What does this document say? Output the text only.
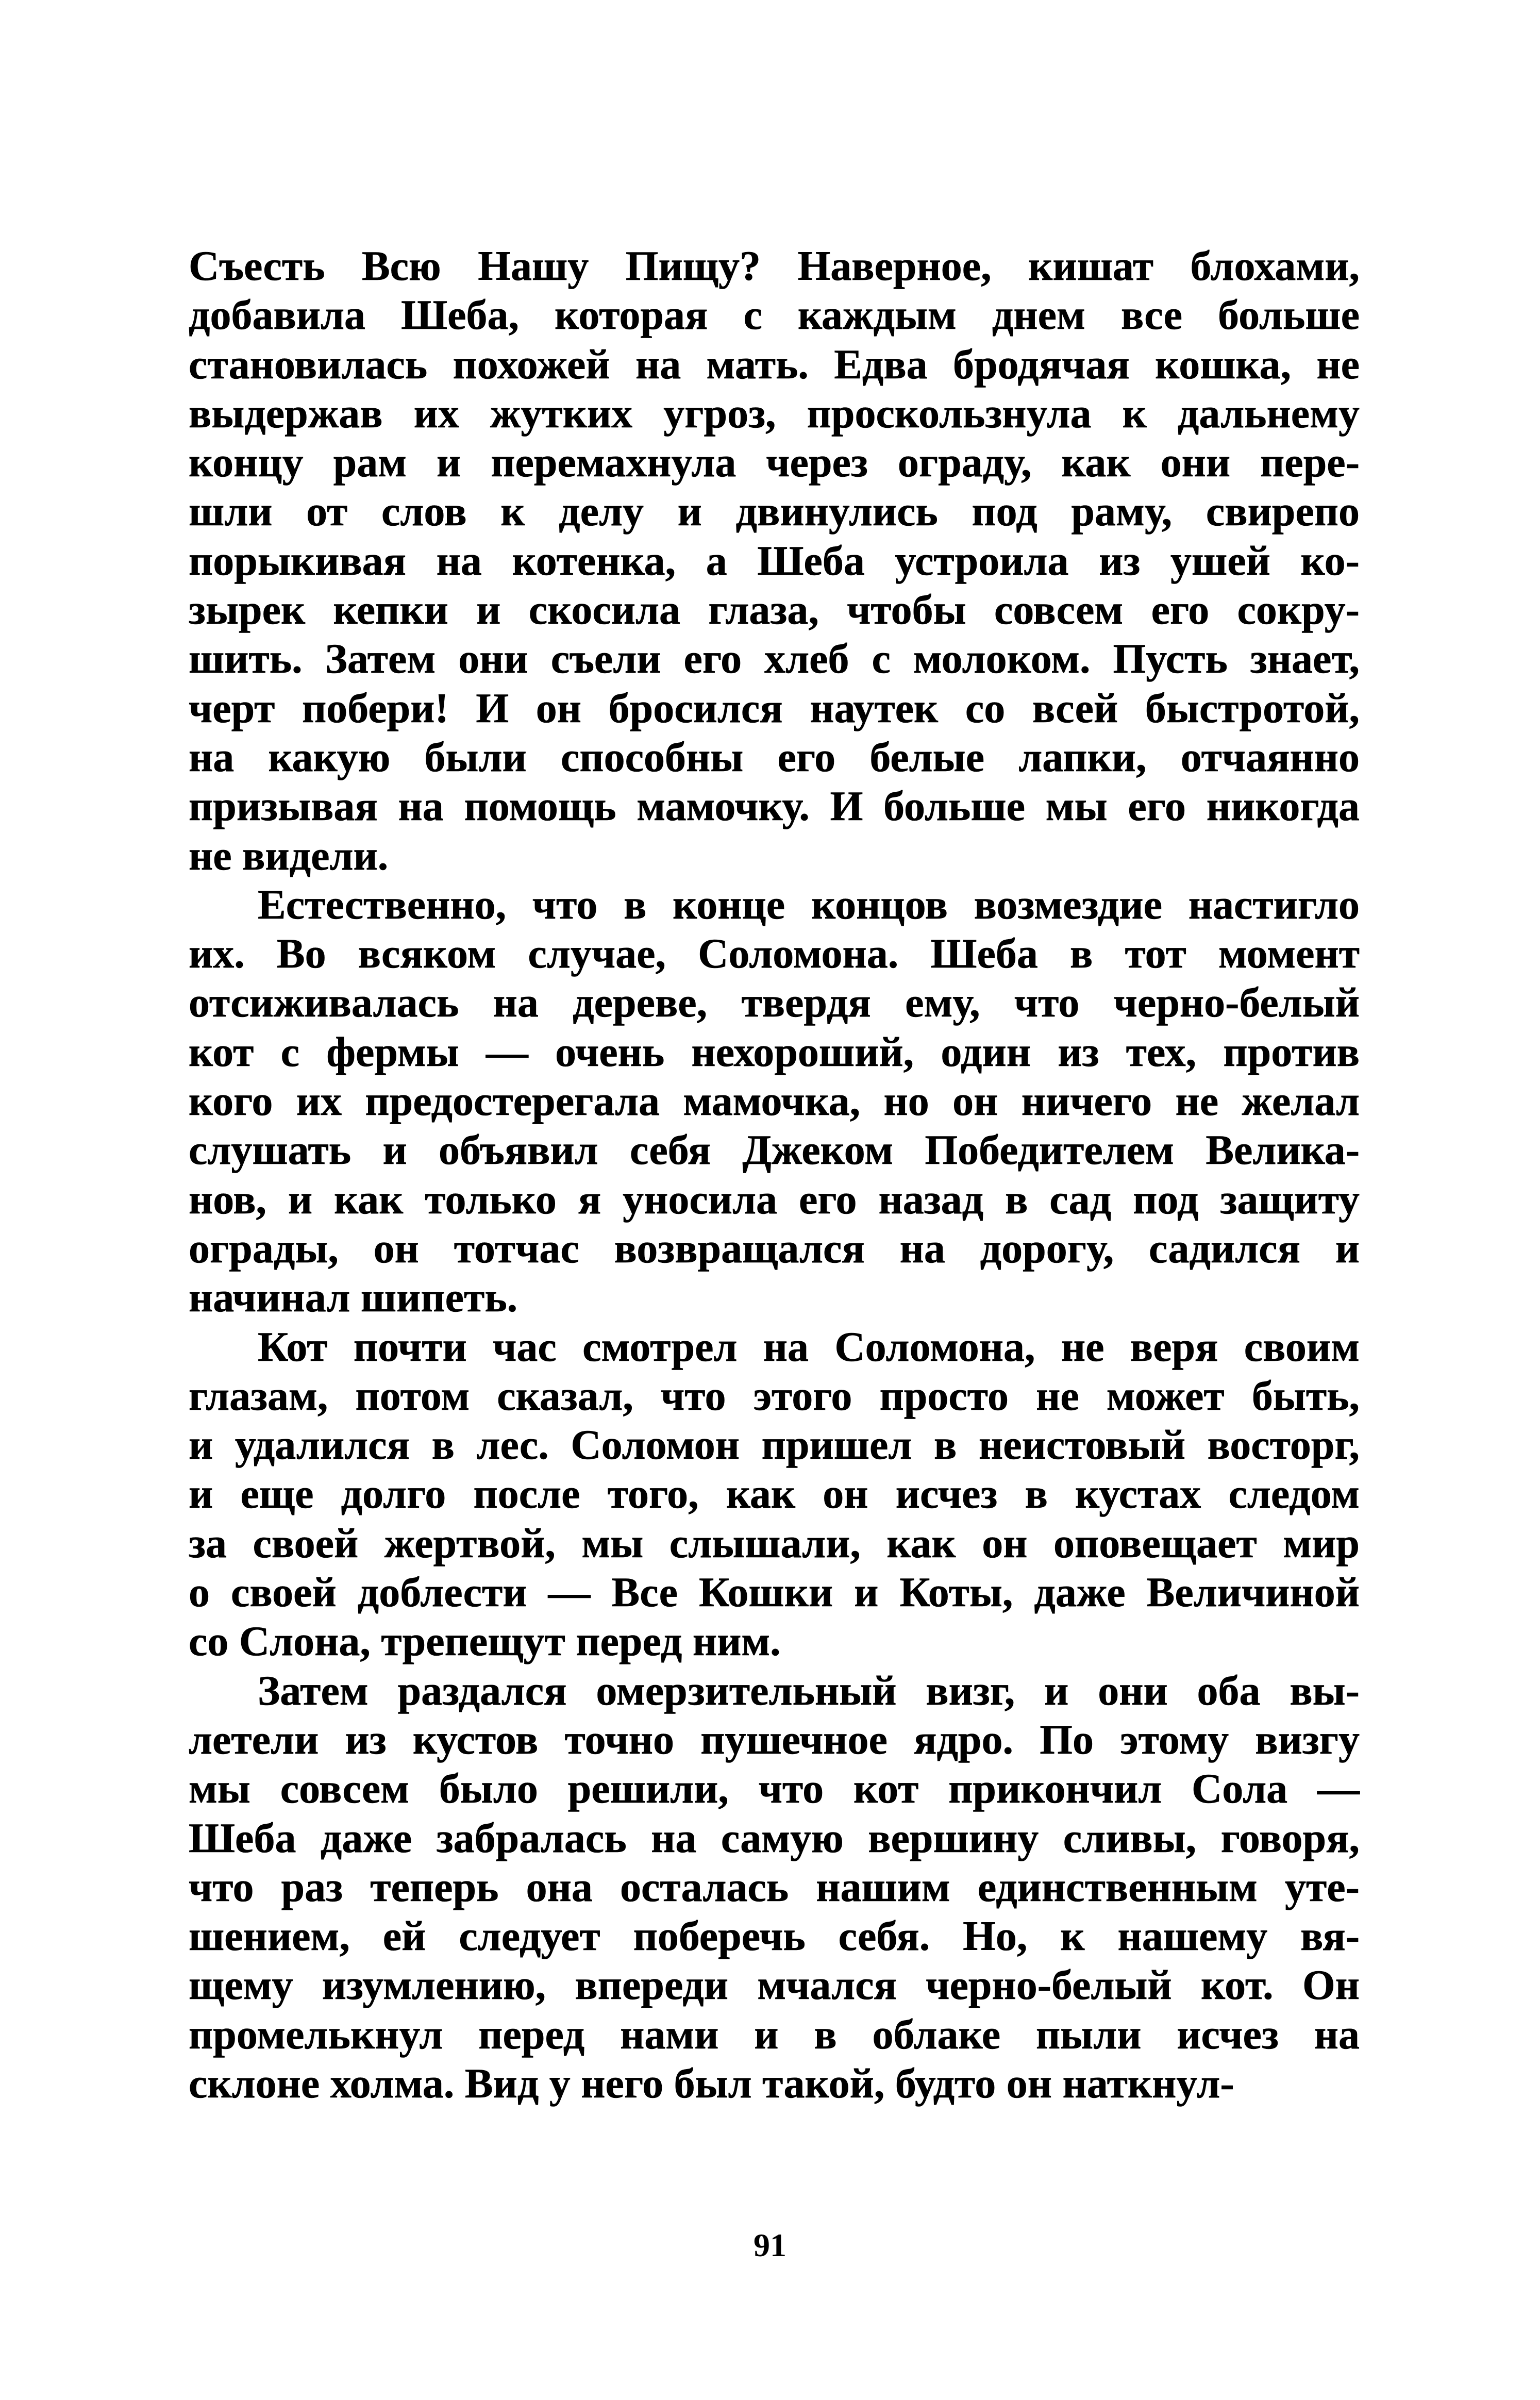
Съесть Всю Нашу Пищу? Наверное, кишат блохами,
добавила Шеба, которая с каждым днем все больше
становилась похожей на мать. Едва бродячая кошка, не
выдержав их жутких угроз, проскользнула к дальнему
концу рам и перемахнула через ограду, как они пере-
шли от слов к делу и двинулись под раму, свирепо
порыкивая на котенка, а Шеба устроила из ушей ко-
зырек кепки и скосила глаза, чтобы совсем его сокру-
шить. Затем они съели его хлеб с молоком. Пусть знает,
черт побери! И он бросился наутек со всей быстротой,
на какую были способны его белые лапки, отчаянно
призывая на помощь мамочку. И больше мы его никогда
не видели.
Естественно, что в конце концов возмездие настигло
их. Во всяком случае, Соломона. Шеба в тот момент
отсиживалась на дереве, твердя ему, что черно-белый
кот с фермы — очень нехороший, один из тех, против
кого их предостерегала мамочка, но он ничего не желал
слушать и объявил себя Джеком Победителем Велика-
нов, и как только я уносила его назад в сад под защиту
ограды, он тотчас возвращался на дорогу, садился и
начинал шипеть.
Кот почти час смотрел на Соломона, не веря своим
глазам, потом сказал, что этого просто не может быть,
и удалился в лес. Соломон пришел в неистовый восторг,
и еще долго после того, как он исчез в кустах следом
за своей жертвой, мы слышали, как он оповещает мир
о своей доблести — Все Кошки и Коты, даже Величиной
со Слона, трепещут перед ним.
Затем раздался омерзительный визг, и они оба вы-
летели из кустов точно пушечное ядро. По этому визгу
мы совсем было решили, что кот прикончил Сола —
Шеба даже забралась на самую вершину сливы, говоря,
что раз теперь она осталась нашим единственным уте-
шением, ей следует поберечь себя. Но, к нашему вя-
щему изумлению, впереди мчался черно-белый кот. Он
промелькнул перед нами и в облаке пыли исчез на
склоне холма. Вид у него был такой, будто он наткнул-
91
